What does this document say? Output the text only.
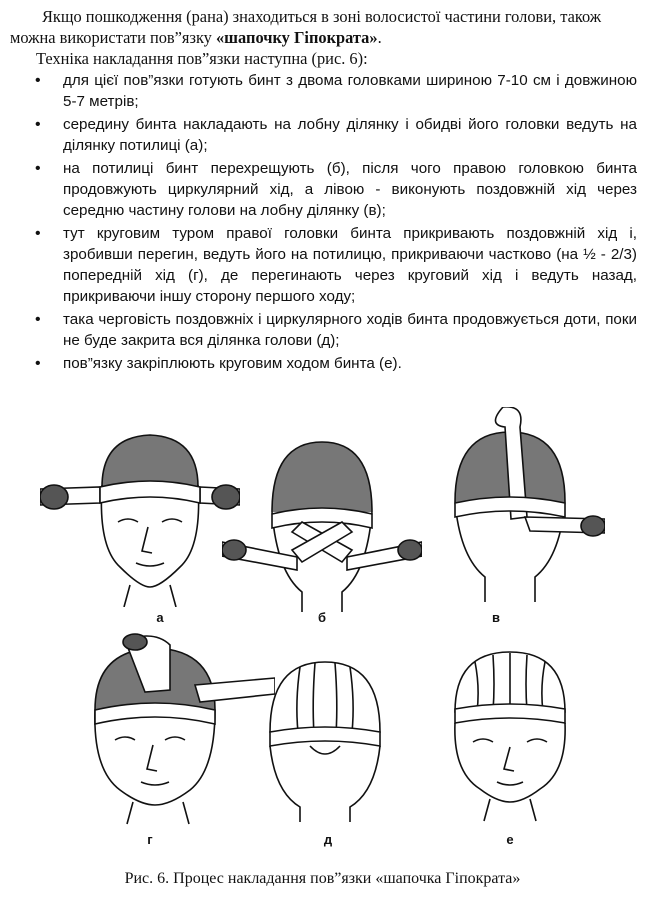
Якщо пошкодження (рана) знаходиться в зоні волосистої частини голови, також можна використати пов”язку «шапочку Гіпократа».

Техніка накладання пов”язки наступна (рис. 6):

• для цієї пов”язки готують бинт з двома головками шириною 7-10 см і довжиною 5-7 метрів;
• середину бинта накладають на лобну ділянку і обидві його головки ведуть на ділянку потилиці (а);
• на потилиці бинт перехрещують (б), після чого правою головкою бинта продовжують циркулярний хід, а лівою - виконують поздовжній хід через середню частину голови на лобну ділянку (в);
• тут круговим туром правої головки бинта прикривають поздовжній хід і, зробивши перегин, ведуть його на потилицю, прикриваючи частково (на ½ - 2/3) попередній хід (г), де перегинають через круговий хід і ведуть назад, прикриваючи іншу сторону першого ходу;
• така черговість поздовжніх і циркулярного ходів бинта продовжується доти, поки не буде закрита вся ділянка голови (д);
• пов”язку закріплюють круговим ходом бинта (е).
а	б	в
г	д	е
Рис. 6. Процес накладання пов”язки «шапочка Гіпократа»
